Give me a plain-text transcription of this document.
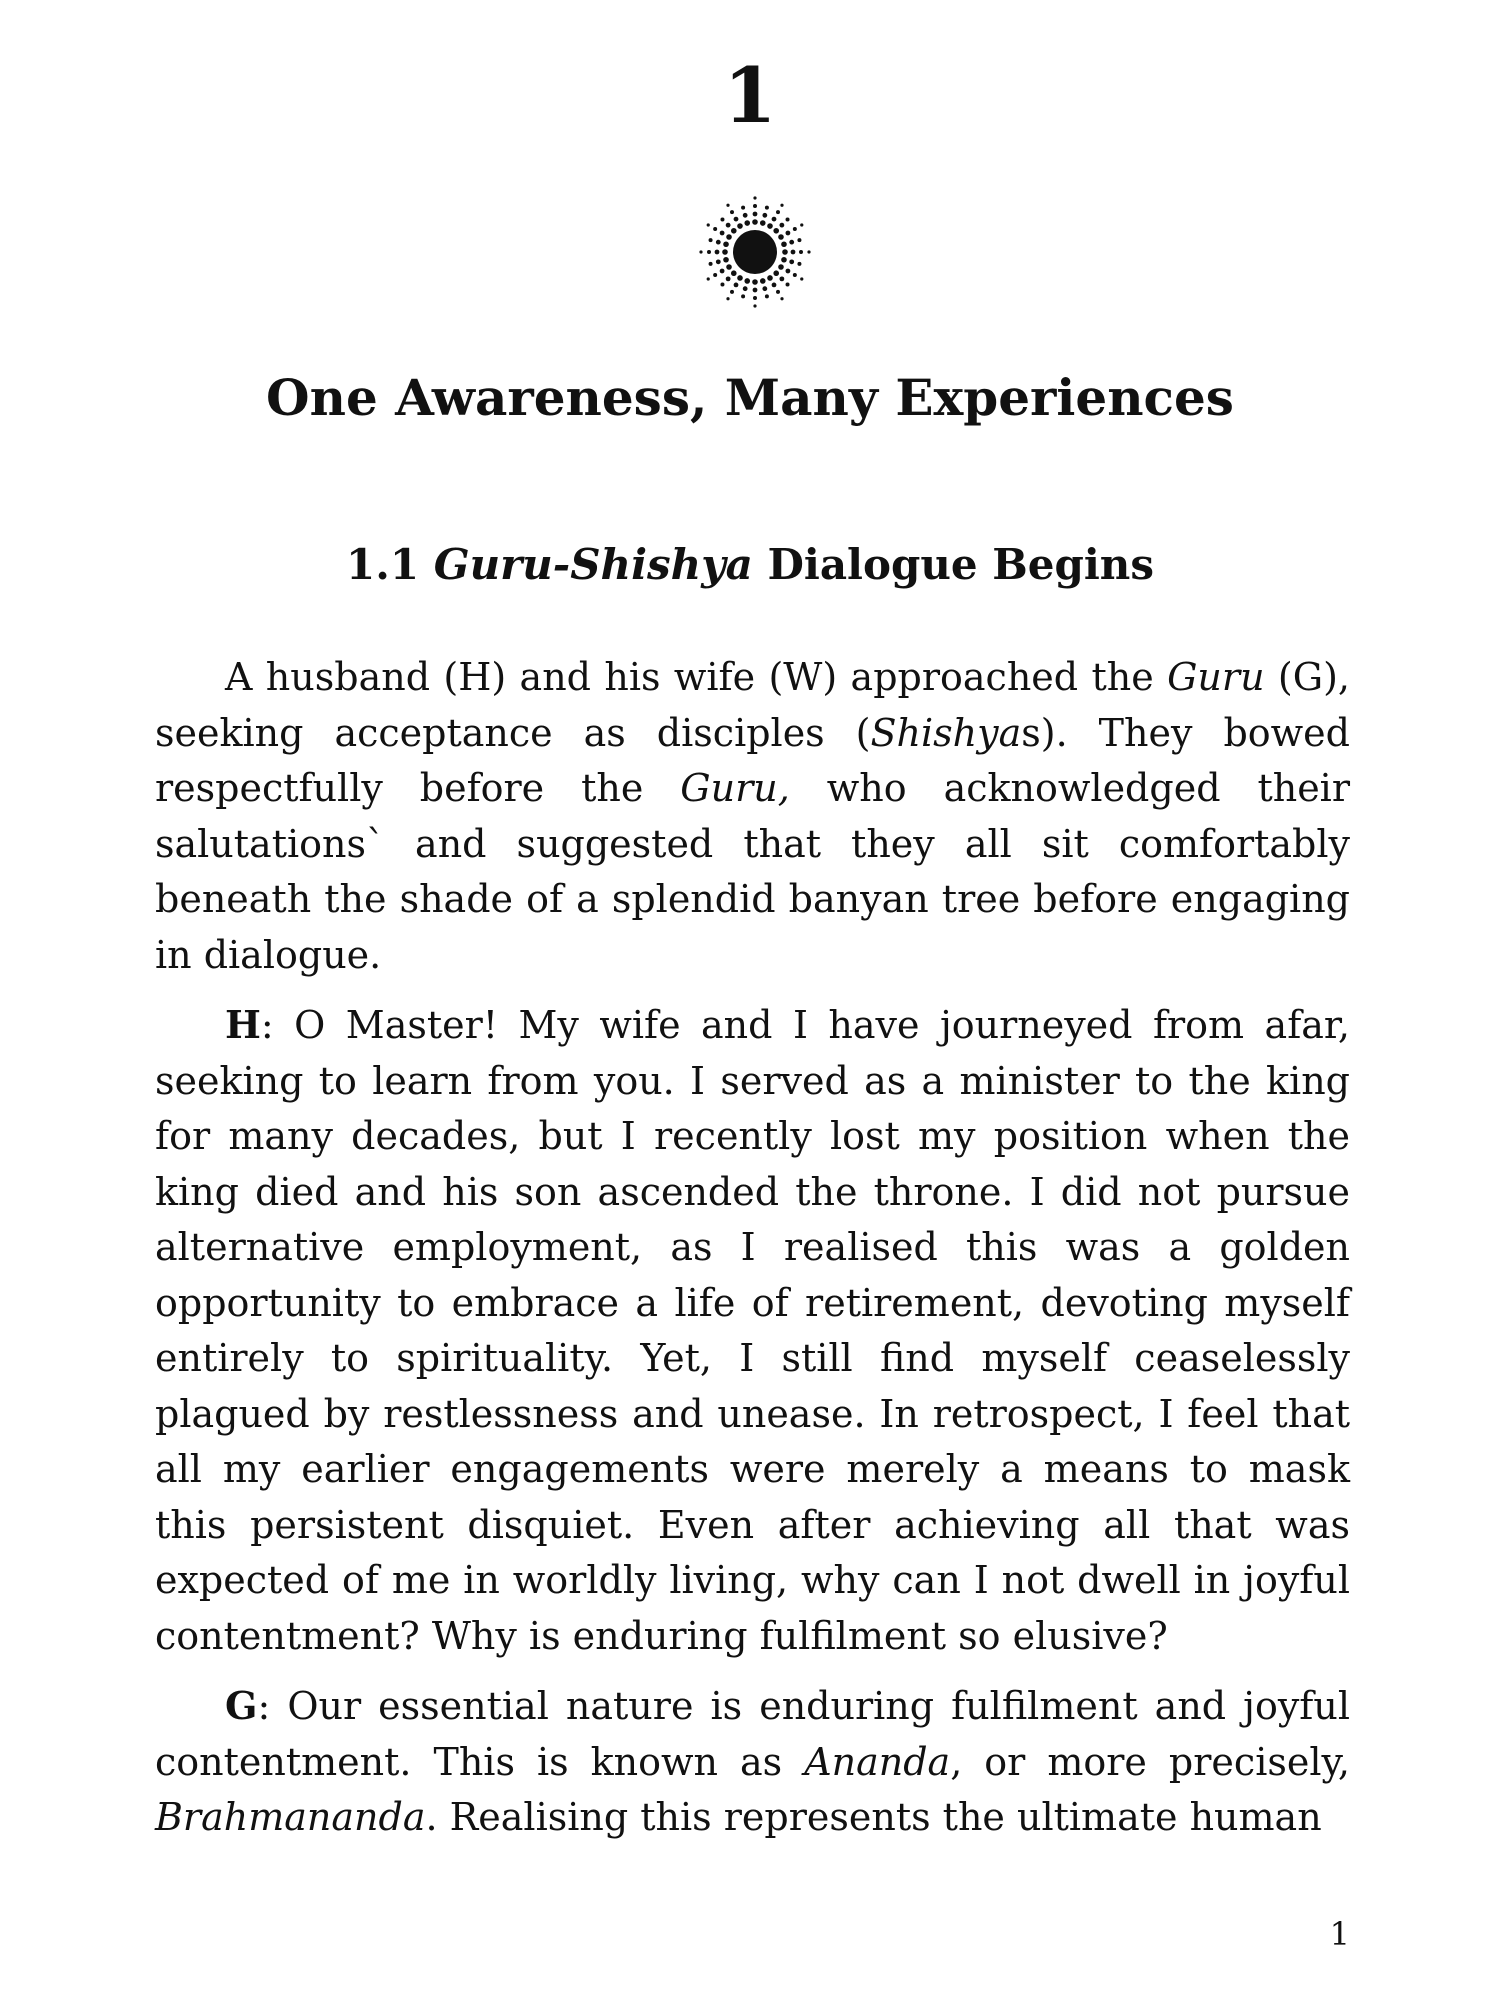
1
One Awareness, Many Experiences
1.1 Guru-Shishya Dialogue Begins

A husband (H) and his wife (W) approached the Guru (G), seeking acceptance as disciples (Shishyas). They bowed respectfully before the Guru, who acknowledged their salutations` and suggested that they all sit comfortably beneath the shade of a splendid banyan tree before engaging in dialogue.

H: O Master! My wife and I have journeyed from afar, seeking to learn from you. I served as a minister to the king for many decades, but I recently lost my position when the king died and his son ascended the throne. I did not pursue alternative employment, as I realised this was a golden opportunity to embrace a life of retirement, devoting myself entirely to spirituality. Yet, I still find myself ceaselessly plagued by restlessness and unease. In retrospect, I feel that all my earlier engagements were merely a means to mask this persistent disquiet. Even after achieving all that was expected of me in worldly living, why can I not dwell in joyful contentment? Why is enduring fulfilment so elusive?

G: Our essential nature is enduring fulfilment and joyful contentment. This is known as Ananda, or more precisely, Brahmananda. Realising this represents the ultimate human

1
